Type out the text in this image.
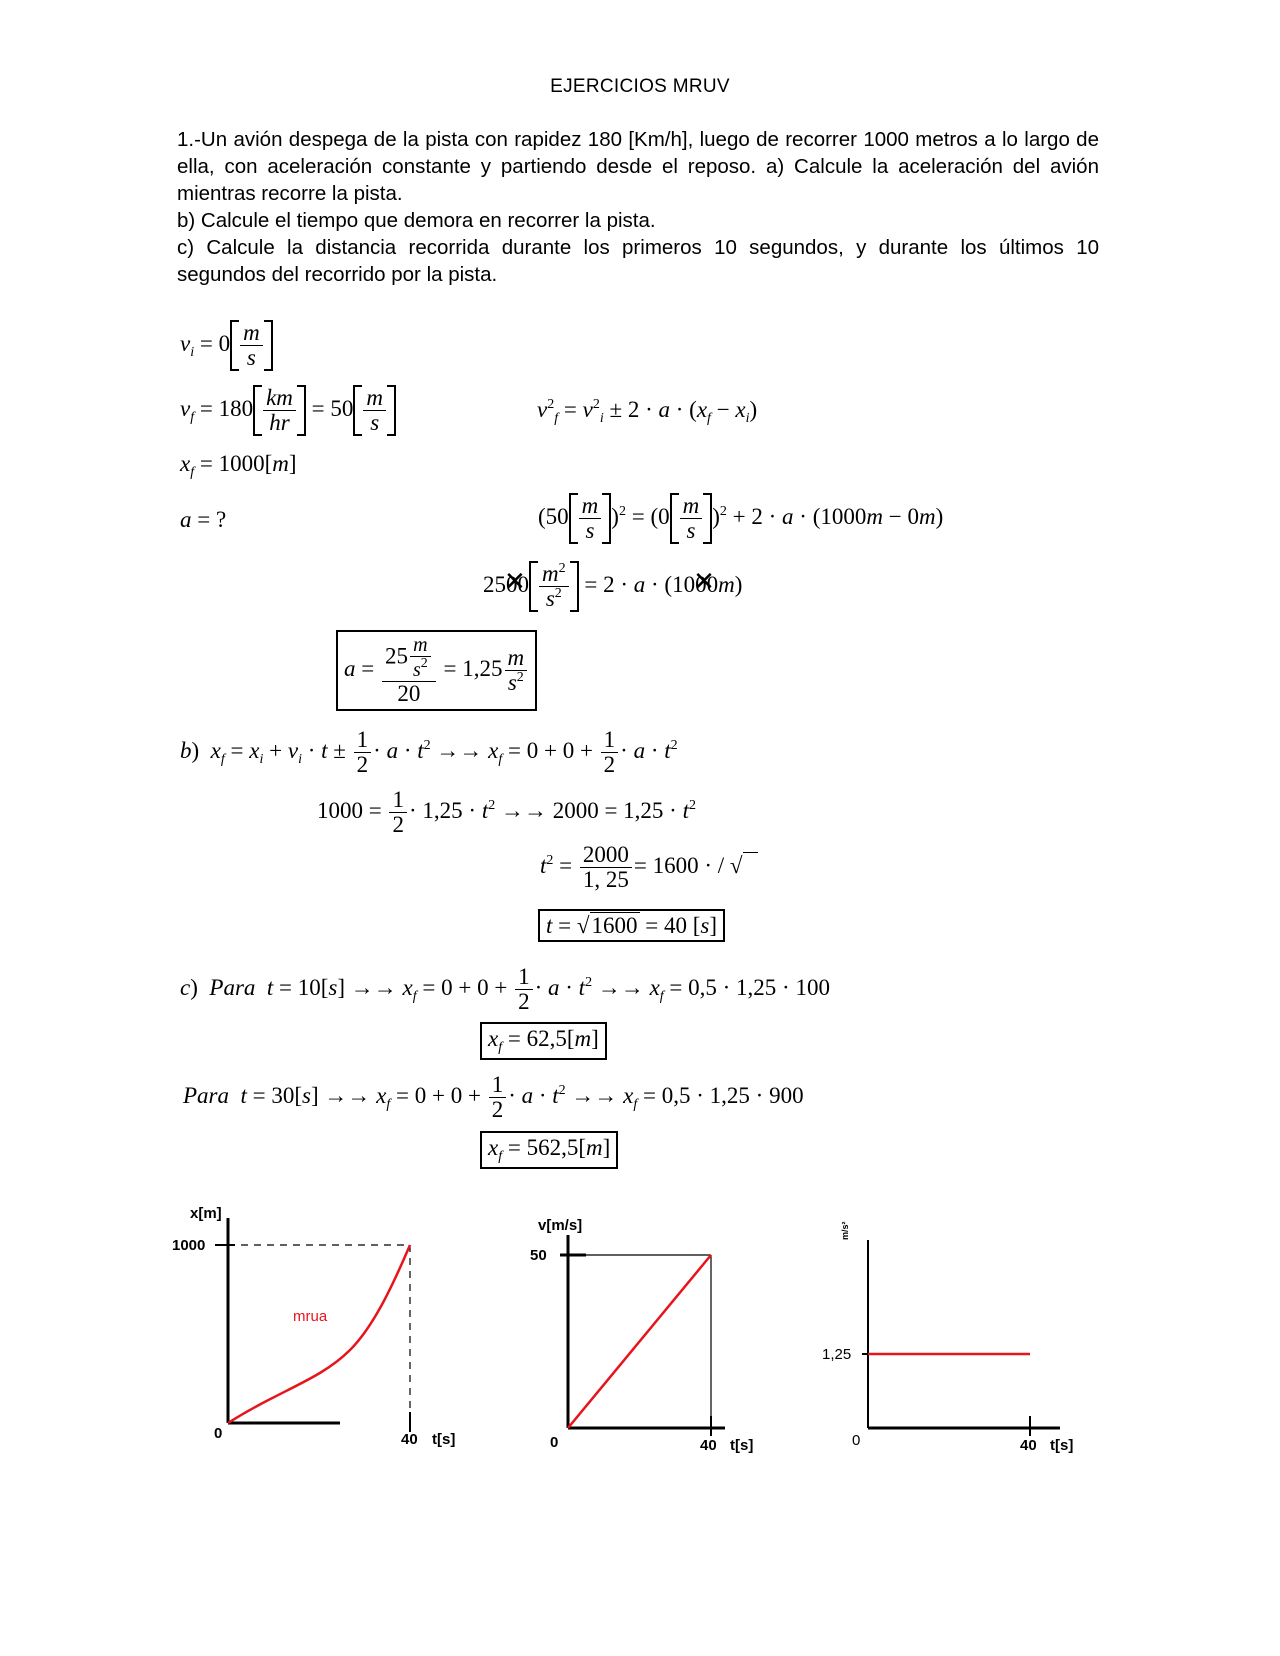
EJERCICIOS MRUV

1.-Un avión despega de la pista con rapidez 180 [Km/h], luego de recorrer 1000 metros a lo largo de ella, con aceleración constante y partiendo desde el reposo. a) Calcule la aceleración del avión mientras recorre la pista.

b) Calcule el tiempo que demora en recorrer la pista.

c) Calcule la distancia recorrida durante los primeros 10 segundos, y durante los últimos 10 segundos del recorrido por la pista.

$v_i = 0 \frac{m}{s}$
$v_f = 180 \frac{km}{hr} = 50 \frac{m}{s}$	$v^2_f = v^2_i \pm 2 \cdot a \cdot (x_f - x_i)$
$x_f = 1000[m]$
a = ?	$(50 \frac{m}{s} )^2 = (0 \frac{m}{s} )^2 + 2 \cdot a \cdot (1000m - 0m)$
2500 ✕ $\frac{m^2}{s^2} = 2 \cdot a \cdot (1000$ ✕m)
$a = \frac{25 \frac{m}{s^2}}{20} = 1,25 \frac{m}{s^2}$
b)  $x_f = x_i + v_i \cdot t \pm \frac{1}{2} \cdot a \cdot t^2 \to\to x_f = 0 + 0 + \frac{1}{2} \cdot a \cdot t^2$
$1000 = \frac{1}{2} \cdot 1,25 \cdot t^2 \to\to 2000 = 1,25 \cdot t^2$
$t^2 = \frac{2000}{1, 25} = 1600$ · / √
t = √1600 = 40 [s]
c)  Para  $t = 10[s] \to\to x_f = 0 + 0 + \frac{1}{2} \cdot a \cdot t^2 \to\to x_f = 0,5 \cdot 1,25 \cdot 100$
$x_f = 62,5[m]$
Para  $t = 30[s] \to\to x_f = 0 + 0 + \frac{1}{2} \cdot a \cdot t^2 \to\to x_f = 0,5 \cdot 1,25 \cdot 900$
$x_f = 562,5[m]$
x[m]
1000
0	40 t[s]
mrua
v[m/s]
50
0	40 t[s]
m/s²
1,25
0	40 t[s]
